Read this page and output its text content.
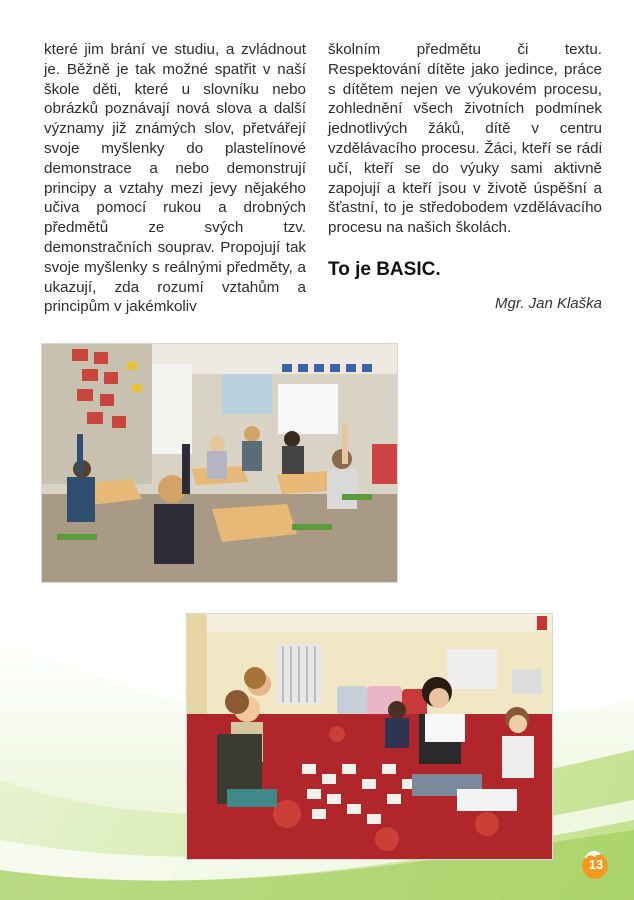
které jim brání ve studiu, a zvládnout je. Běžně je tak možné spatřit v naší škole děti, které u slovníku nebo obrázků poznávají nová slova a další významy již známých slov, přetvářejí svoje myšlenky do plastelínové demonstrace a nebo demonstrují principy a vztahy mezi jevy nějakého učiva pomocí rukou a drobných předmětů ze svých tzv. demonstračních souprav. Propojují tak svoje myšlenky s reálnými předměty, a ukazují, zda rozumí vztahům a principům v jakémkoliv

školním předmětu či textu. Respektování dítěte jako jedince, práce s dítětem nejen ve výukovém procesu, zohlednění všech životních podmínek jednotlivých žáků, dítě v centru vzdělávacího procesu. Žáci, kteří se rádi učí, kteří se do výuky sami aktivně zapojují a kteří jsou v životě úspěšní a šťastní, to je středobodem vzdělávacího procesu na našich školách.

To je BASIC.

Mgr. Jan Klaška

13
